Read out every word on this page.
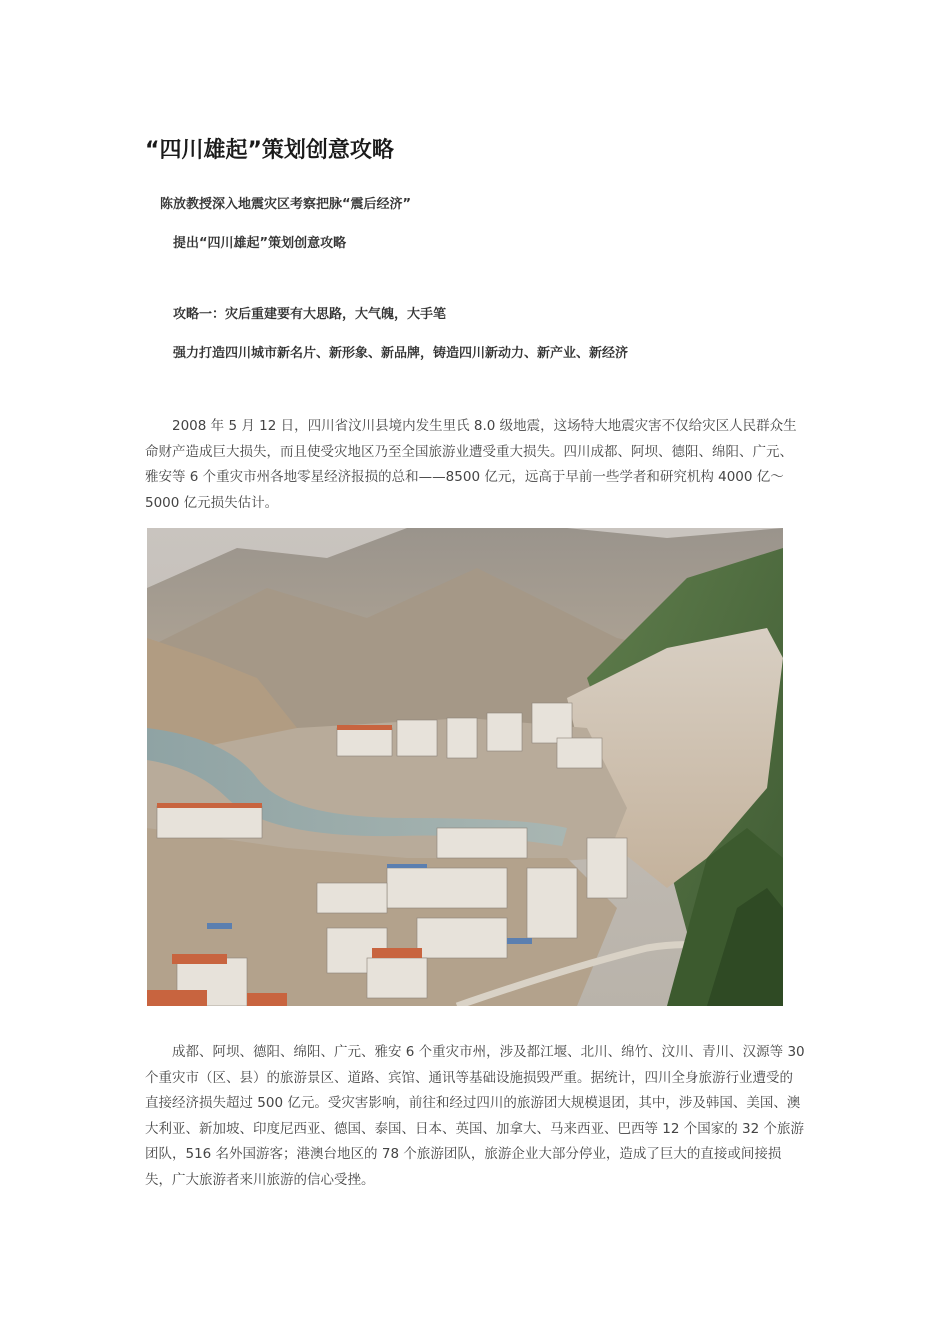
“四川雄起”策划创意攻略
陈放教授深入地震灾区考察把脉“震后经济”
提出“四川雄起”策划创意攻略
攻略一：灾后重建要有大思路，大气魄，大手笔
强力打造四川城市新名片、新形象、新品牌，铸造四川新动力、新产业、新经济

2008 年 5 月 12 日，四川省汶川县境内发生里氏 8.0 级地震，这场特大地震灾害不仅给灾区人民群众生命财产造成巨大损失，而且使受灾地区乃至全国旅游业遭受重大损失。四川成都、阿坝、德阳、绵阳、广元、雅安等 6 个重灾市州各地零星经济报损的总和——8500 亿元，远高于早前一些学者和研究机构 4000 亿～5000 亿元损失估计。

成都、阿坝、德阳、绵阳、广元、雅安 6 个重灾市州，涉及都江堰、北川、绵竹、汶川、青川、汉源等 30 个重灾市（区、县）的旅游景区、道路、宾馆、通讯等基础设施损毁严重。据统计，四川全身旅游行业遭受的直接经济损失超过 500 亿元。受灾害影响，前往和经过四川的旅游团大规模退团，其中，涉及韩国、美国、澳大利亚、新加坡、印度尼西亚、德国、泰国、日本、英国、加拿大、马来西亚、巴西等 12 个国家的 32 个旅游团队，516 名外国游客；港澳台地区的 78 个旅游团队，旅游企业大部分停业，造成了巨大的直接或间接损失，广大旅游者来川旅游的信心受挫。
